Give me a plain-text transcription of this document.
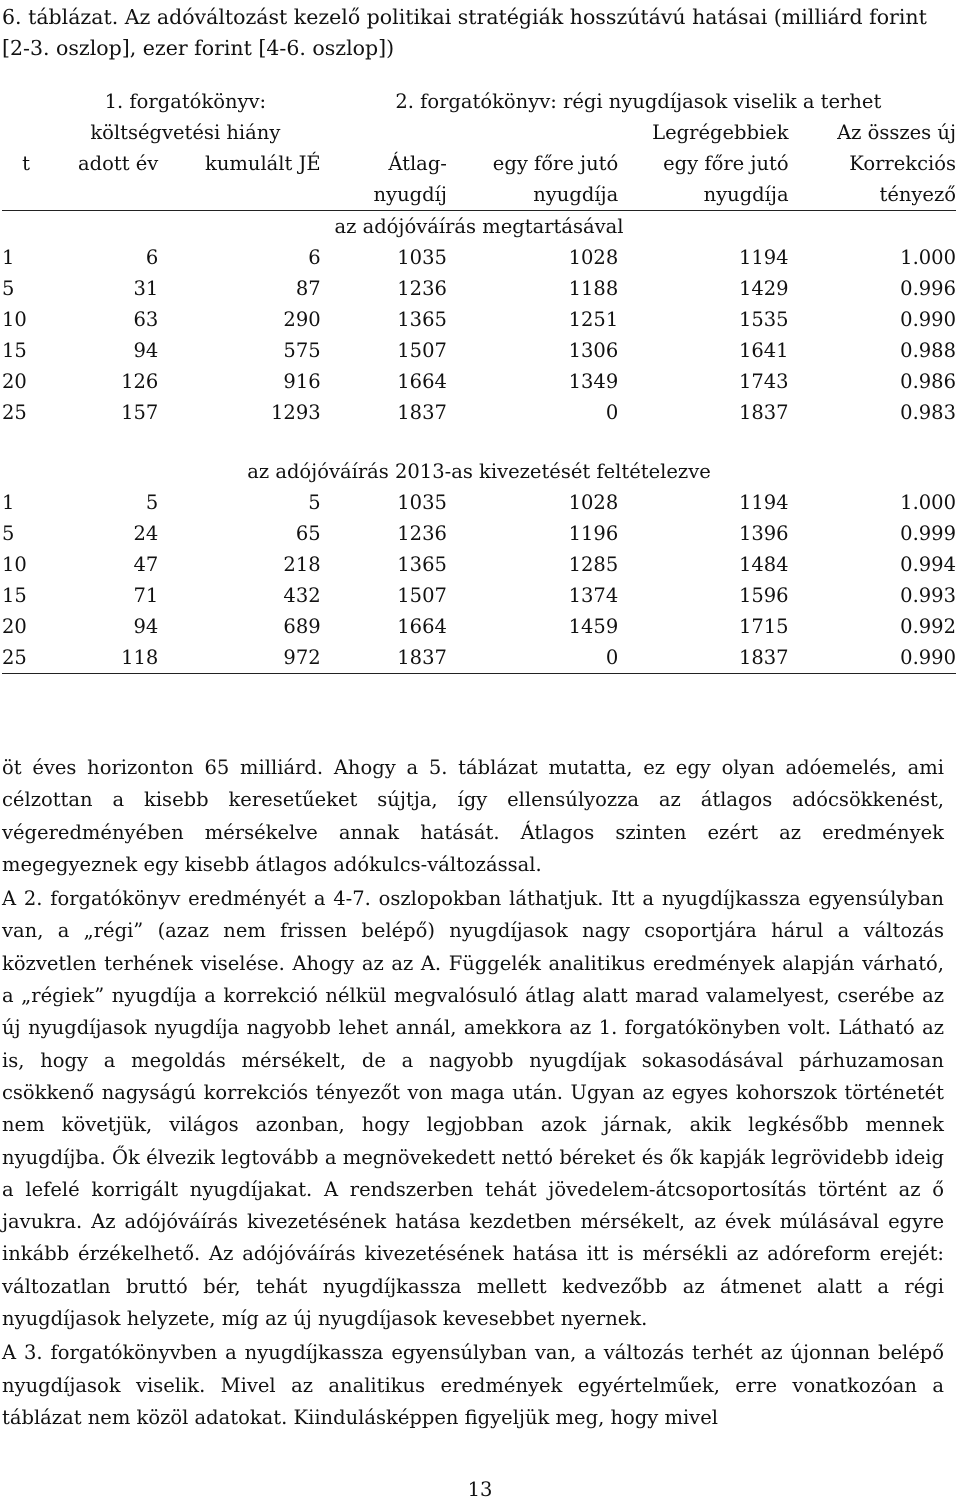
6. táblázat. Az adóváltozást kezelő politikai stratégiák hosszútávú hatásai (milliárd forint [2-3. oszlop], ezer forint [4-6. oszlop])
	1. forgatókönyv:		2. forgatókönyv: régi nyugdíjasok viselik a terhet			
	költségvetési hiány				Legrégebbiek	Az összes új
t	adott év	kumulált JÉ	Átlag-	egy főre jutó	egy főre jutó	Korrekciós
			nyugdíj	nyugdíja	nyugdíja	tényező
az adójóváírás megtartásával						
1	6	6	1035	1028	1194	1.000
5	31	87	1236	1188	1429	0.996
10	63	290	1365	1251	1535	0.990
15	94	575	1507	1306	1641	0.988
20	126	916	1664	1349	1743	0.986
25	157	1293	1837	0	1837	0.983

az adójóváírás 2013-as kivezetését feltételezve						
1	5	5	1035	1028	1194	1.000
5	24	65	1236	1196	1396	0.999
10	47	218	1365	1285	1484	0.994
15	71	432	1507	1374	1596	0.993
20	94	689	1664	1459	1715	0.992
25	118	972	1837	0	1837	0.990

öt éves horizonton 65 milliárd. Ahogy a 5. táblázat mutatta, ez egy olyan adóemelés, ami célzottan a kisebb keresetűeket sújtja, így ellensúlyozza az átlagos adócsökkenést, végeredményében mérsékelve annak hatását. Átlagos szinten ezért az eredmények megegyeznek egy kisebb átlagos adókulcs-változással.

A 2. forgatókönyv eredményét a 4-7. oszlopokban láthatjuk. Itt a nyugdíjkassza egyensúlyban van, a „régi” (azaz nem frissen belépő) nyugdíjasok nagy csoportjára hárul a változás közvetlen terhének viselése. Ahogy az az A. Függelék analitikus eredmények alapján várható, a „régiek” nyugdíja a korrekció nélkül megvalósuló átlag alatt marad valamelyest, cserébe az új nyugdíjasok nyugdíja nagyobb lehet annál, amekkora az 1. forgatókönyben volt. Látható az is, hogy a megoldás mérsékelt, de a nagyobb nyugdíjak sokasodásával párhuzamosan csökkenő nagyságú korrekciós tényezőt von maga után. Ugyan az egyes kohorszok történetét nem követjük, világos azonban, hogy legjobban azok járnak, akik legkésőbb mennek nyugdíjba. Ők élvezik legtovább a megnövekedett nettó béreket és ők kapják legrövidebb ideig a lefelé korrigált nyugdíjakat. A rendszerben tehát jövedelem-átcsoportosítás történt az ő javukra. Az adójóváírás kivezetésének hatása kezdetben mérsékelt, az évek múlásával egyre inkább érzékelhető. Az adójóváírás kivezetésének hatása itt is mérsékli az adóreform erejét: változatlan bruttó bér, tehát nyugdíjkassza mellett kedvezőbb az átmenet alatt a régi nyugdíjasok helyzete, míg az új nyugdíjasok kevesebbet nyernek.

A 3. forgatókönyvben a nyugdíjkassza egyensúlyban van, a változás terhét az újonnan belépő nyugdíjasok viselik. Mivel az analitikus eredmények egyértelműek, erre vonatkozóan a táblázat nem közöl adatokat. Kiindulásképpen figyeljük meg, hogy mivel

13
